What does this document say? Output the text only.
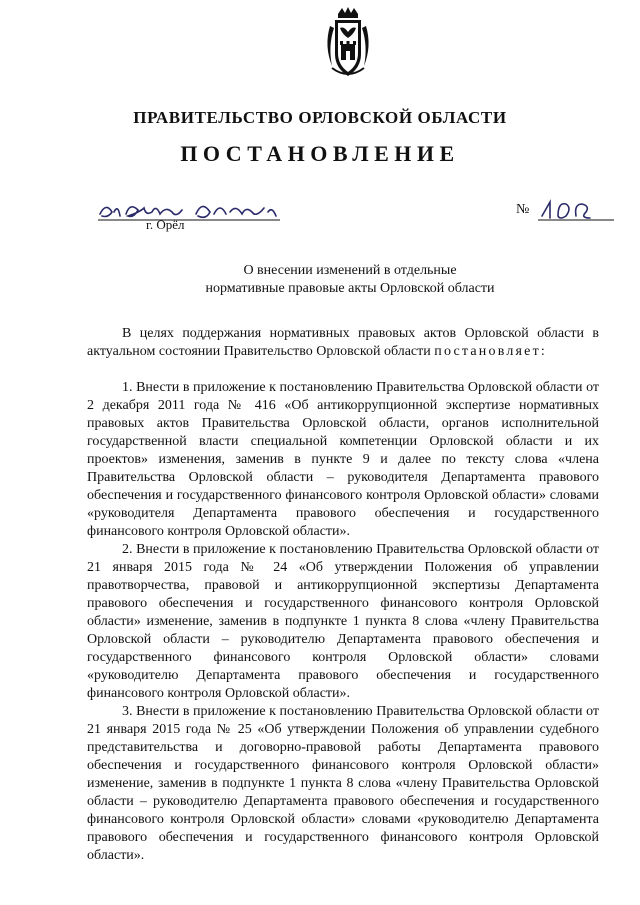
ПРАВИТЕЛЬСТВО ОРЛОВСКОЙ ОБЛАСТИ
ПОСТАНОВЛЕНИЕ
г. Орёл
№
О внесении изменений в отдельные
нормативные правовые акты Орловской области

В целях поддержания нормативных правовых актов Орловской области в актуальном состоянии Правительство Орловской области постановляет:

1. Внести в приложение к постановлению Правительства Орловской области от 2 декабря 2011 года № 416 «Об антикоррупционной экспертизе нормативных правовых актов Правительства Орловской области, органов исполнительной государственной власти специальной компетенции Орловской области и их проектов» изменения, заменив в пункте 9 и далее по тексту слова «члена Правительства Орловской области – руководителя Департамента правового обеспечения и государственного финансового контроля Орловской области» словами «руководителя Департамента правового обеспечения и государственного финансового контроля Орловской области».

2. Внести в приложение к постановлению Правительства Орловской области от 21 января 2015 года № 24 «Об утверждении Положения об управлении правотворчества, правовой и антикоррупционной экспертизы Департамента правового обеспечения и государственного финансового контроля Орловской области» изменение, заменив в подпункте 1 пункта 8 слова «члену Правительства Орловской области – руководителю Департамента правового обеспечения и государственного финансового контроля Орловской области» словами «руководителю Департамента правового обеспечения и государственного финансового контроля Орловской области».

3. Внести в приложение к постановлению Правительства Орловской области от 21 января 2015 года № 25 «Об утверждении Положения об управлении судебного представительства и договорно-правовой работы Департамента правового обеспечения и государственного финансового контроля Орловской области» изменение, заменив в подпункте 1 пункта 8 слова «члену Правительства Орловской области – руководителю Департамента правового обеспечения и государственного финансового контроля Орловской области» словами «руководителю Департамента правового обеспечения и государственного финансового контроля Орловской области».
